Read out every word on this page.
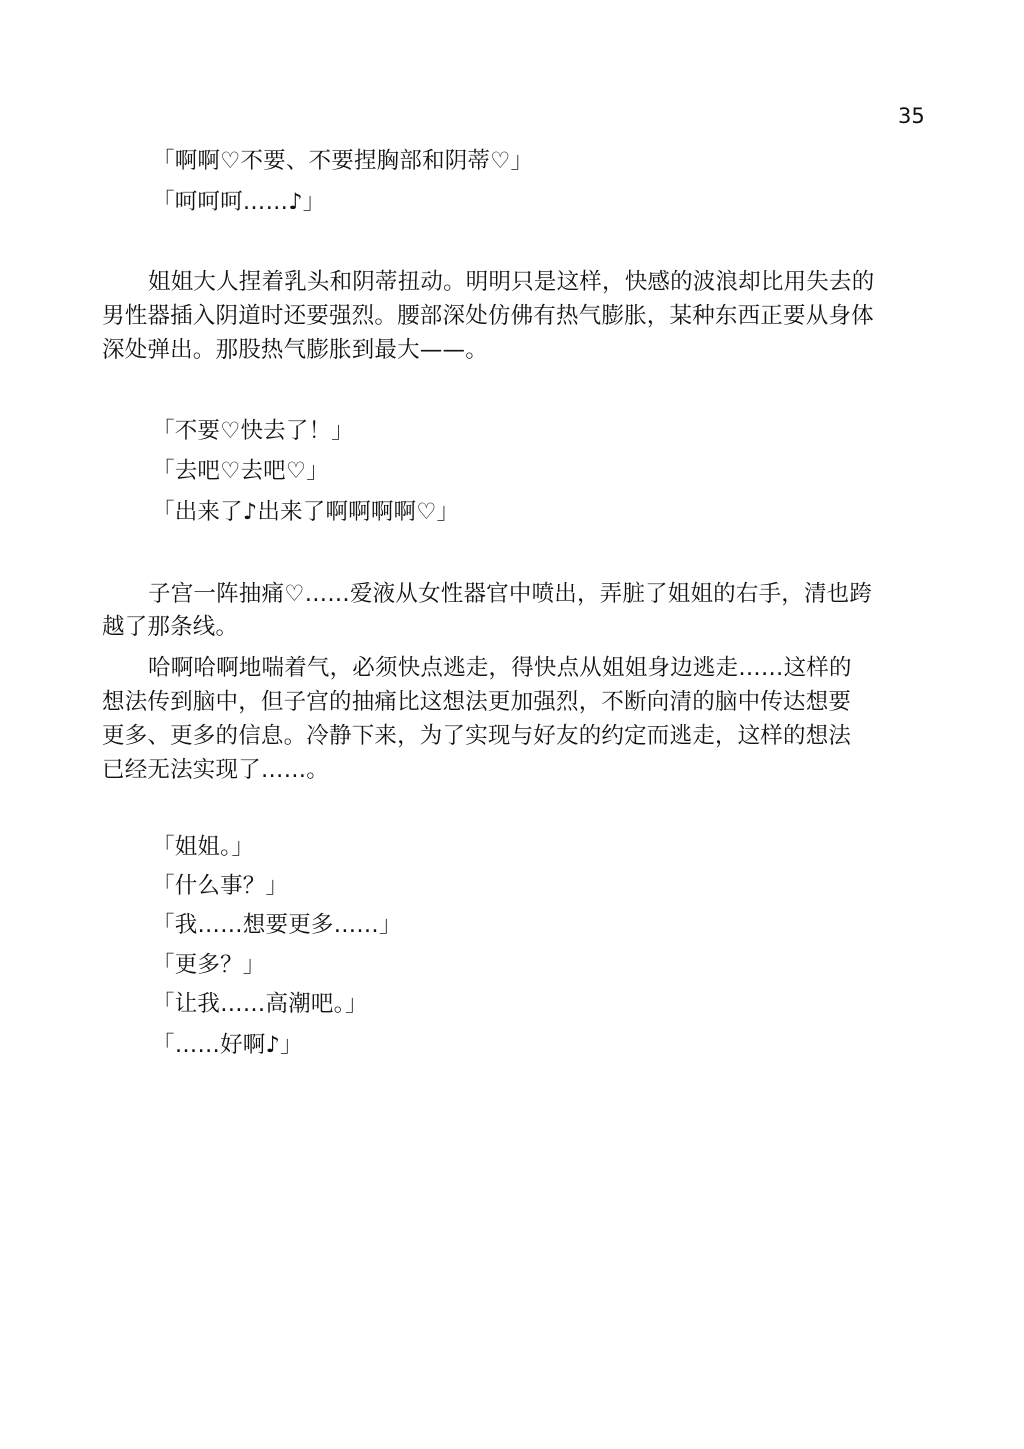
35
「啊啊♡不要、不要捏胸部和阴蒂♡」
「呵呵呵……♪」
姐姐大人捏着乳头和阴蒂扭动。明明只是这样，快感的波浪却比用失去的
男性器插入阴道时还要强烈。腰部深处仿佛有热气膨胀，某种东西正要从身体
深处弹出。那股热气膨胀到最大——。
「不要♡快去了！」
「去吧♡去吧♡」
「出来了♪出来了啊啊啊啊♡」
子宫一阵抽痛♡……爱液从女性器官中喷出，弄脏了姐姐的右手，清也跨
越了那条线。
哈啊哈啊地喘着气，必须快点逃走，得快点从姐姐身边逃走……这样的
想法传到脑中，但子宫的抽痛比这想法更加强烈，不断向清的脑中传达想要
更多、更多的信息。冷静下来，为了实现与好友的约定而逃走，这样的想法
已经无法实现了……。
「姐姐。」
「什么事？」
「我……想要更多……」
「更多？」
「让我……高潮吧。」
「……好啊♪」
